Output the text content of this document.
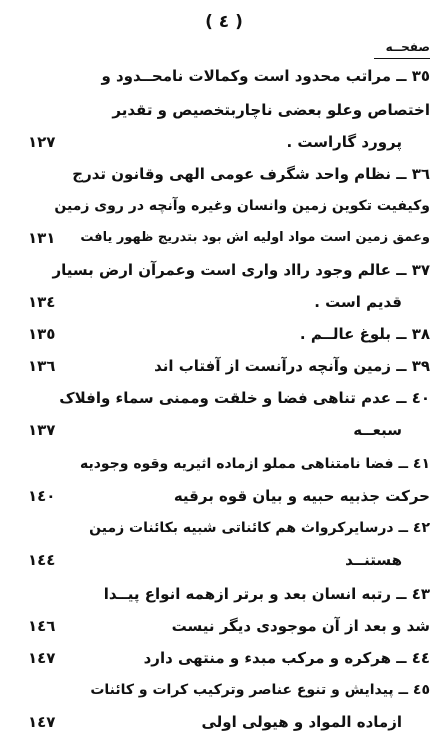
( ٤ )
صفحــه
٣٥ ــ مراتب محدود است وکمالات نامحــدود و
اختصاص وعلو بعضی ناچاربتخصیص و تقدیر
پرورد گاراست .
١٢٧
٣٦ ــ نظام واحد شگرف عومی الهی وقانون تدرج
وکیفیت تکوین زمین وانسان وغیره وآنچه در روی زمین
وعمق زمین است مواد اولیه اش بود بتدریج ظهور یافت
١٣١
٣٧ ــ عالم وجود رااد واری است وعمرآن ارض بسیار
قدیم است .
١٣٤
٣٨ ــ بلوغ عالــم .
١٣٥
٣٩ ــ زمین وآنچه درآنست از آفتاب اند
١٣٦
٤٠ ــ عدم تناهی فضا و خلقت وممنی سماء وافلاک
سبعــه
١٣٧
٤١ ــ فضا نامتناهی مملو ازماده اثیریه وقوه وجودیه
حرکت جذبیه حبیه و بیان قوه برقیه
١٤٠
٤٢ ــ درسایرکرواث هم کائناتی شبیه بکائنات زمین
هستنــد
١٤٤
٤٣ ــ رتبه انسان بعد و برتر ازهمه انواع پیــدا
شد و بعد از آن موجودی دیگر نیست
١٤٦
٤٤ ــ هرکره و مرکب مبدء و منتهی دارد
١٤٧
٤٥ ــ پیدایش و تنوع عناصر وترکیب کرات و کائنات
ازماده المواد و هیولی اولی
١٤٧
